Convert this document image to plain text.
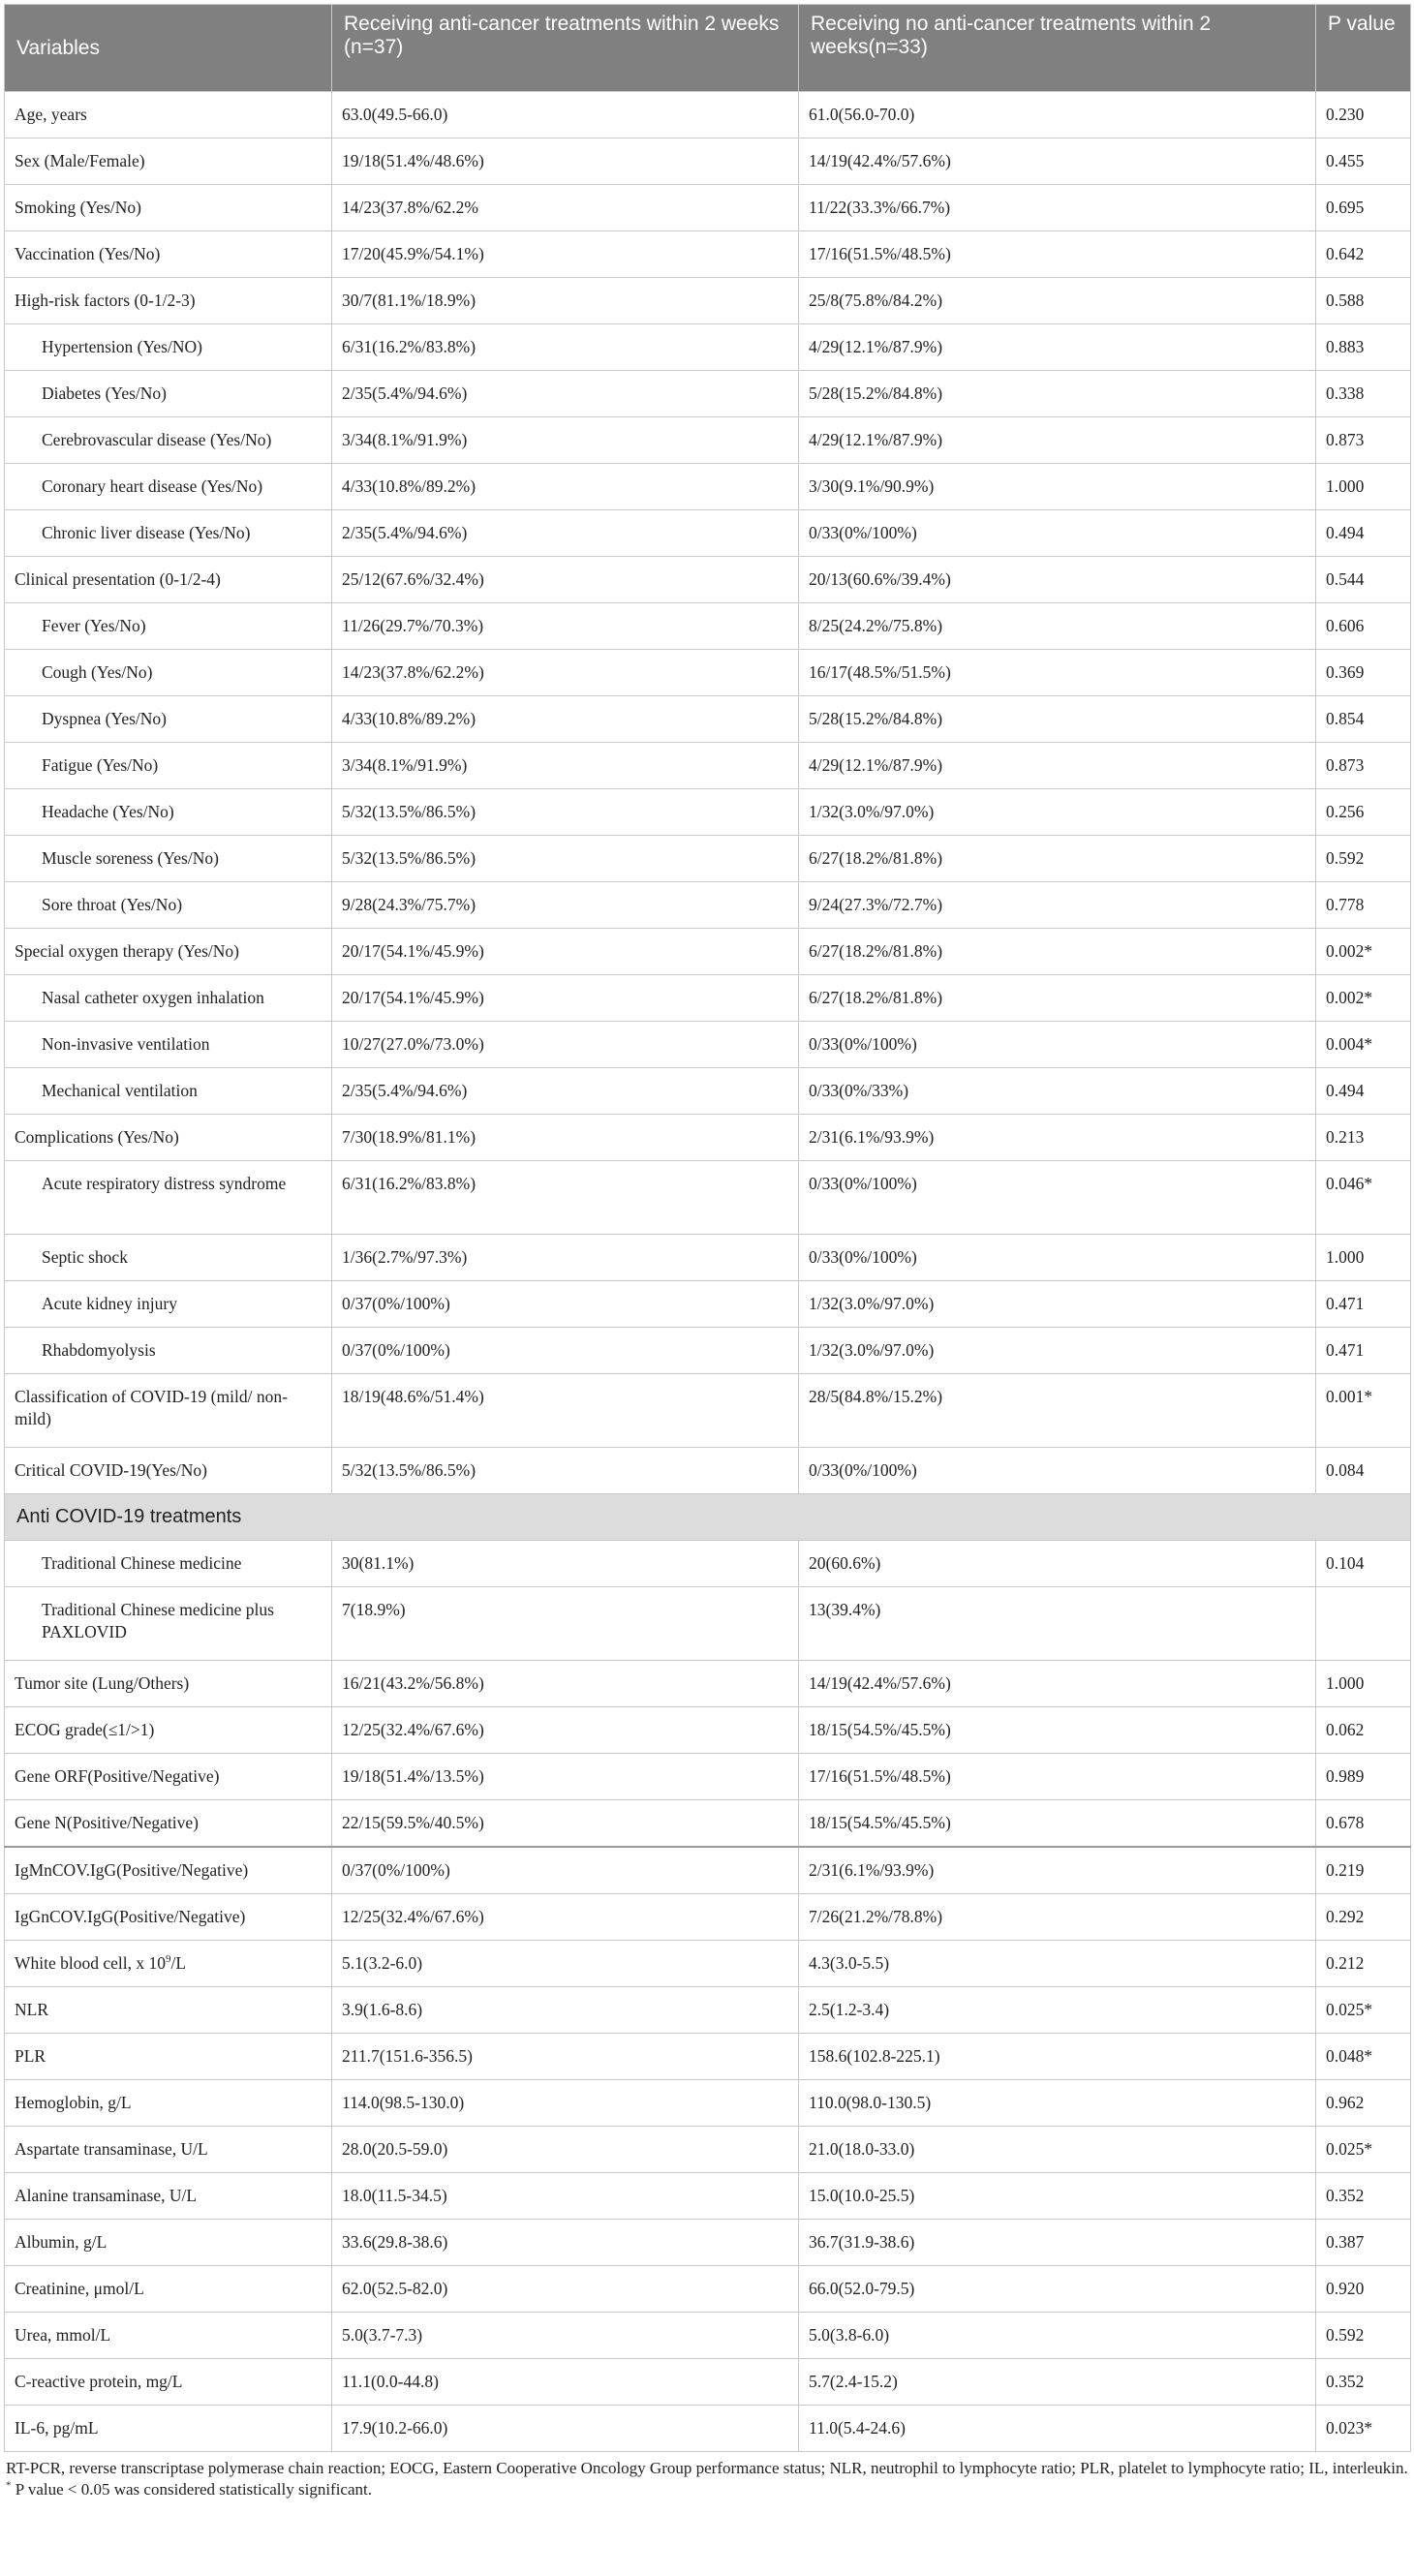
Variables	Receiving anti-cancer treatments within 2 weeks (n=37)	Receiving no anti-cancer treatments within 2 weeks(n=33)	P value
Age, years	63.0(49.5-66.0)	61.0(56.0-70.0)	0.230
Sex (Male/Female)	19/18(51.4%/48.6%)	14/19(42.4%/57.6%)	0.455
Smoking (Yes/No)	14/23(37.8%/62.2%	11/22(33.3%/66.7%)	0.695
Vaccination (Yes/No)	17/20(45.9%/54.1%)	17/16(51.5%/48.5%)	0.642
High-risk factors (0-1/2-3)	30/7(81.1%/18.9%)	25/8(75.8%/84.2%)	0.588
Hypertension (Yes/NO)	6/31(16.2%/83.8%)	4/29(12.1%/87.9%)	0.883
Diabetes (Yes/No)	2/35(5.4%/94.6%)	5/28(15.2%/84.8%)	0.338
Cerebrovascular disease (Yes/No)	3/34(8.1%/91.9%)	4/29(12.1%/87.9%)	0.873
Coronary heart disease (Yes/No)	4/33(10.8%/89.2%)	3/30(9.1%/90.9%)	1.000
Chronic liver disease (Yes/No)	2/35(5.4%/94.6%)	0/33(0%/100%)	0.494
Clinical presentation (0-1/2-4)	25/12(67.6%/32.4%)	20/13(60.6%/39.4%)	0.544
Fever (Yes/No)	11/26(29.7%/70.3%)	8/25(24.2%/75.8%)	0.606
Cough (Yes/No)	14/23(37.8%/62.2%)	16/17(48.5%/51.5%)	0.369
Dyspnea (Yes/No)	4/33(10.8%/89.2%)	5/28(15.2%/84.8%)	0.854
Fatigue (Yes/No)	3/34(8.1%/91.9%)	4/29(12.1%/87.9%)	0.873
Headache (Yes/No)	5/32(13.5%/86.5%)	1/32(3.0%/97.0%)	0.256
Muscle soreness (Yes/No)	5/32(13.5%/86.5%)	6/27(18.2%/81.8%)	0.592
Sore throat (Yes/No)	9/28(24.3%/75.7%)	9/24(27.3%/72.7%)	0.778
Special oxygen therapy (Yes/No)	20/17(54.1%/45.9%)	6/27(18.2%/81.8%)	0.002*
Nasal catheter oxygen inhalation	20/17(54.1%/45.9%)	6/27(18.2%/81.8%)	0.002*
Non-invasive ventilation	10/27(27.0%/73.0%)	0/33(0%/100%)	0.004*
Mechanical ventilation	2/35(5.4%/94.6%)	0/33(0%/33%)	0.494
Complications (Yes/No)	7/30(18.9%/81.1%)	2/31(6.1%/93.9%)	0.213
Acute respiratory distress syndrome	6/31(16.2%/83.8%)	0/33(0%/100%)	0.046*
Septic shock	1/36(2.7%/97.3%)	0/33(0%/100%)	1.000
Acute kidney injury	0/37(0%/100%)	1/32(3.0%/97.0%)	0.471
Rhabdomyolysis	0/37(0%/100%)	1/32(3.0%/97.0%)	0.471
Classification of COVID-19 (mild/ non-mild)	18/19(48.6%/51.4%)	28/5(84.8%/15.2%)	0.001*
Critical COVID-19(Yes/No)	5/32(13.5%/86.5%)	0/33(0%/100%)	0.084
Anti COVID-19 treatments			
Traditional Chinese medicine	30(81.1%)	20(60.6%)	0.104
Traditional Chinese medicine plus PAXLOVID	7(18.9%)	13(39.4%)	
Tumor site (Lung/Others)	16/21(43.2%/56.8%)	14/19(42.4%/57.6%)	1.000
ECOG grade(≤1/>1)	12/25(32.4%/67.6%)	18/15(54.5%/45.5%)	0.062
Gene ORF(Positive/Negative)	19/18(51.4%/13.5%)	17/16(51.5%/48.5%)	0.989
Gene N(Positive/Negative)	22/15(59.5%/40.5%)	18/15(54.5%/45.5%)	0.678
IgMnCOV.IgG(Positive/Negative)	0/37(0%/100%)	2/31(6.1%/93.9%)	0.219
IgGnCOV.IgG(Positive/Negative)	12/25(32.4%/67.6%)	7/26(21.2%/78.8%)	0.292
White blood cell, x $10^9/L$	5.1(3.2-6.0)	4.3(3.0-5.5)	0.212
NLR	3.9(1.6-8.6)	2.5(1.2-3.4)	0.025*
PLR	211.7(151.6-356.5)	158.6(102.8-225.1)	0.048*
Hemoglobin, g/L	114.0(98.5-130.0)	110.0(98.0-130.5)	0.962
Aspartate transaminase, U/L	28.0(20.5-59.0)	21.0(18.0-33.0)	0.025*
Alanine transaminase, U/L	18.0(11.5-34.5)	15.0(10.0-25.5)	0.352
Albumin, g/L	33.6(29.8-38.6)	36.7(31.9-38.6)	0.387
Creatinine, μmol/L	62.0(52.5-82.0)	66.0(52.0-79.5)	0.920
Urea, mmol/L	5.0(3.7-7.3)	5.0(3.8-6.0)	0.592
C-reactive protein, mg/L	11.1(0.0-44.8)	5.7(2.4-15.2)	0.352
IL-6, pg/mL	17.9(10.2-66.0)	11.0(5.4-24.6)	0.023*

RT-PCR, reverse transcriptase polymerase chain reaction; EOCG, Eastern Cooperative Oncology Group performance status; NLR, neutrophil to lymphocyte ratio; PLR, platelet to lymphocyte ratio; IL, interleukin.

* P value < 0.05 was considered statistically significant.
